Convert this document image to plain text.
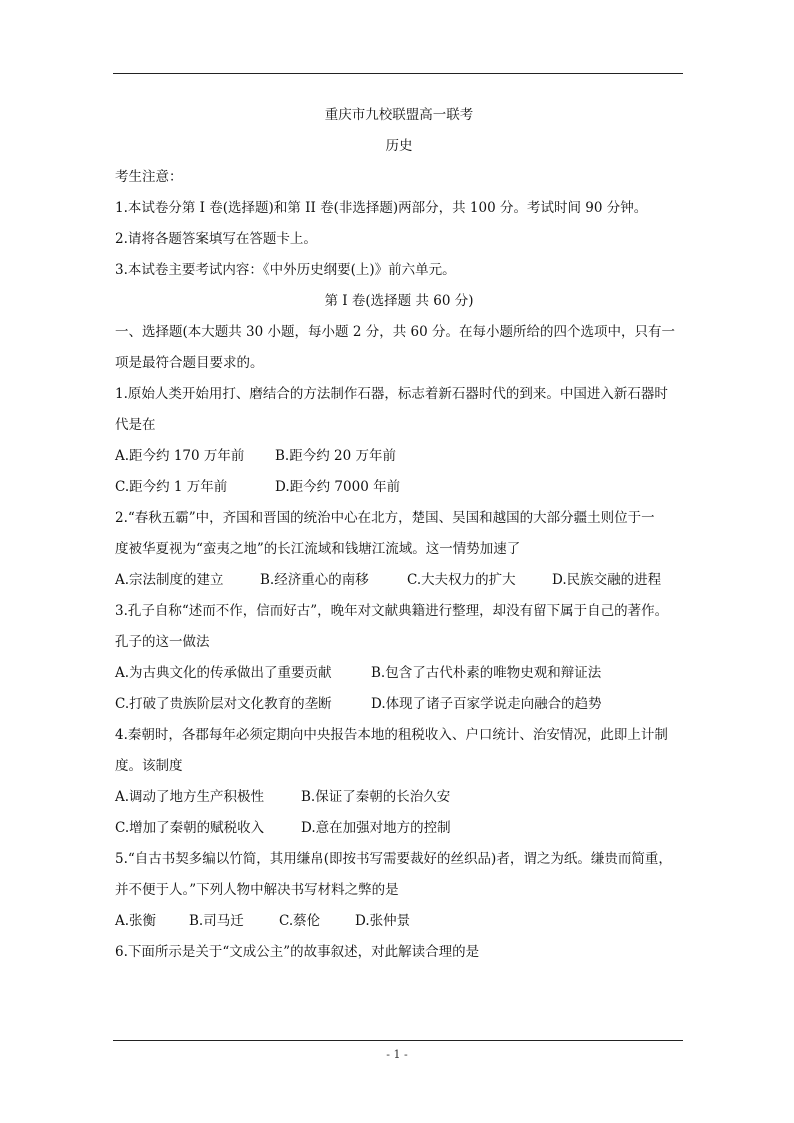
重庆市九校联盟高一联考
历史
考生注意：
1.本试卷分第 I 卷(选择题)和第 II 卷(非选择题)两部分，共 100 分。考试时间 90 分钟。
2.请将各题答案填写在答题卡上。
3.本试卷主要考试内容：《中外历史纲要(上)》前六单元。
第 I 卷(选择题 共 60 分)
一、选择题(本大题共 30 小题，每小题 2 分，共 60 分。在每小题所给的四个选项中，只有一
项是最符合题目要求的。
1.原始人类开始用打、磨结合的方法制作石器，标志着新石器时代的到来。中国进入新石器时
代是在
A.距今约 170 万年前 B.距今约 20 万年前
C.距今约 1 万年前	D.距今约 7000 年前
2.“春秋五霸”中，齐国和晋国的统治中心在北方，楚国、吴国和越国的大部分疆土则位于一
度被华夏视为“蛮夷之地”的长江流域和钱塘江流域。这一情势加速了
A.宗法制度的建立	B.经济重心的南移	C.大夫权力的扩大	D.民族交融的进程
3.孔子自称“述而不作，信而好古”，晚年对文献典籍进行整理，却没有留下属于自己的著作。
孔子的这一做法
A.为古典文化的传承做出了重要贡献	B.包含了古代朴素的唯物史观和辩证法
C.打破了贵族阶层对文化教育的垄断	D.体现了诸子百家学说走向融合的趋势
4.秦朝时，各郡每年必须定期向中央报告本地的租税收入、户口统计、治安情况，此即上计制
度。该制度
A.调动了地方生产积极性	B.保证了秦朝的长治久安
C.增加了秦朝的赋税收入	D.意在加强对地方的控制
5.“自古书契多编以竹简，其用缣帛(即按书写需要裁好的丝织品)者，谓之为纸。缣贵而简重，
并不便于人。”下列人物中解决书写材料之弊的是
A.张衡 B.司马迁	C.蔡伦	D.张仲景
6.下面所示是关于“文成公主”的故事叙述，对此解读合理的是
- 1 -
